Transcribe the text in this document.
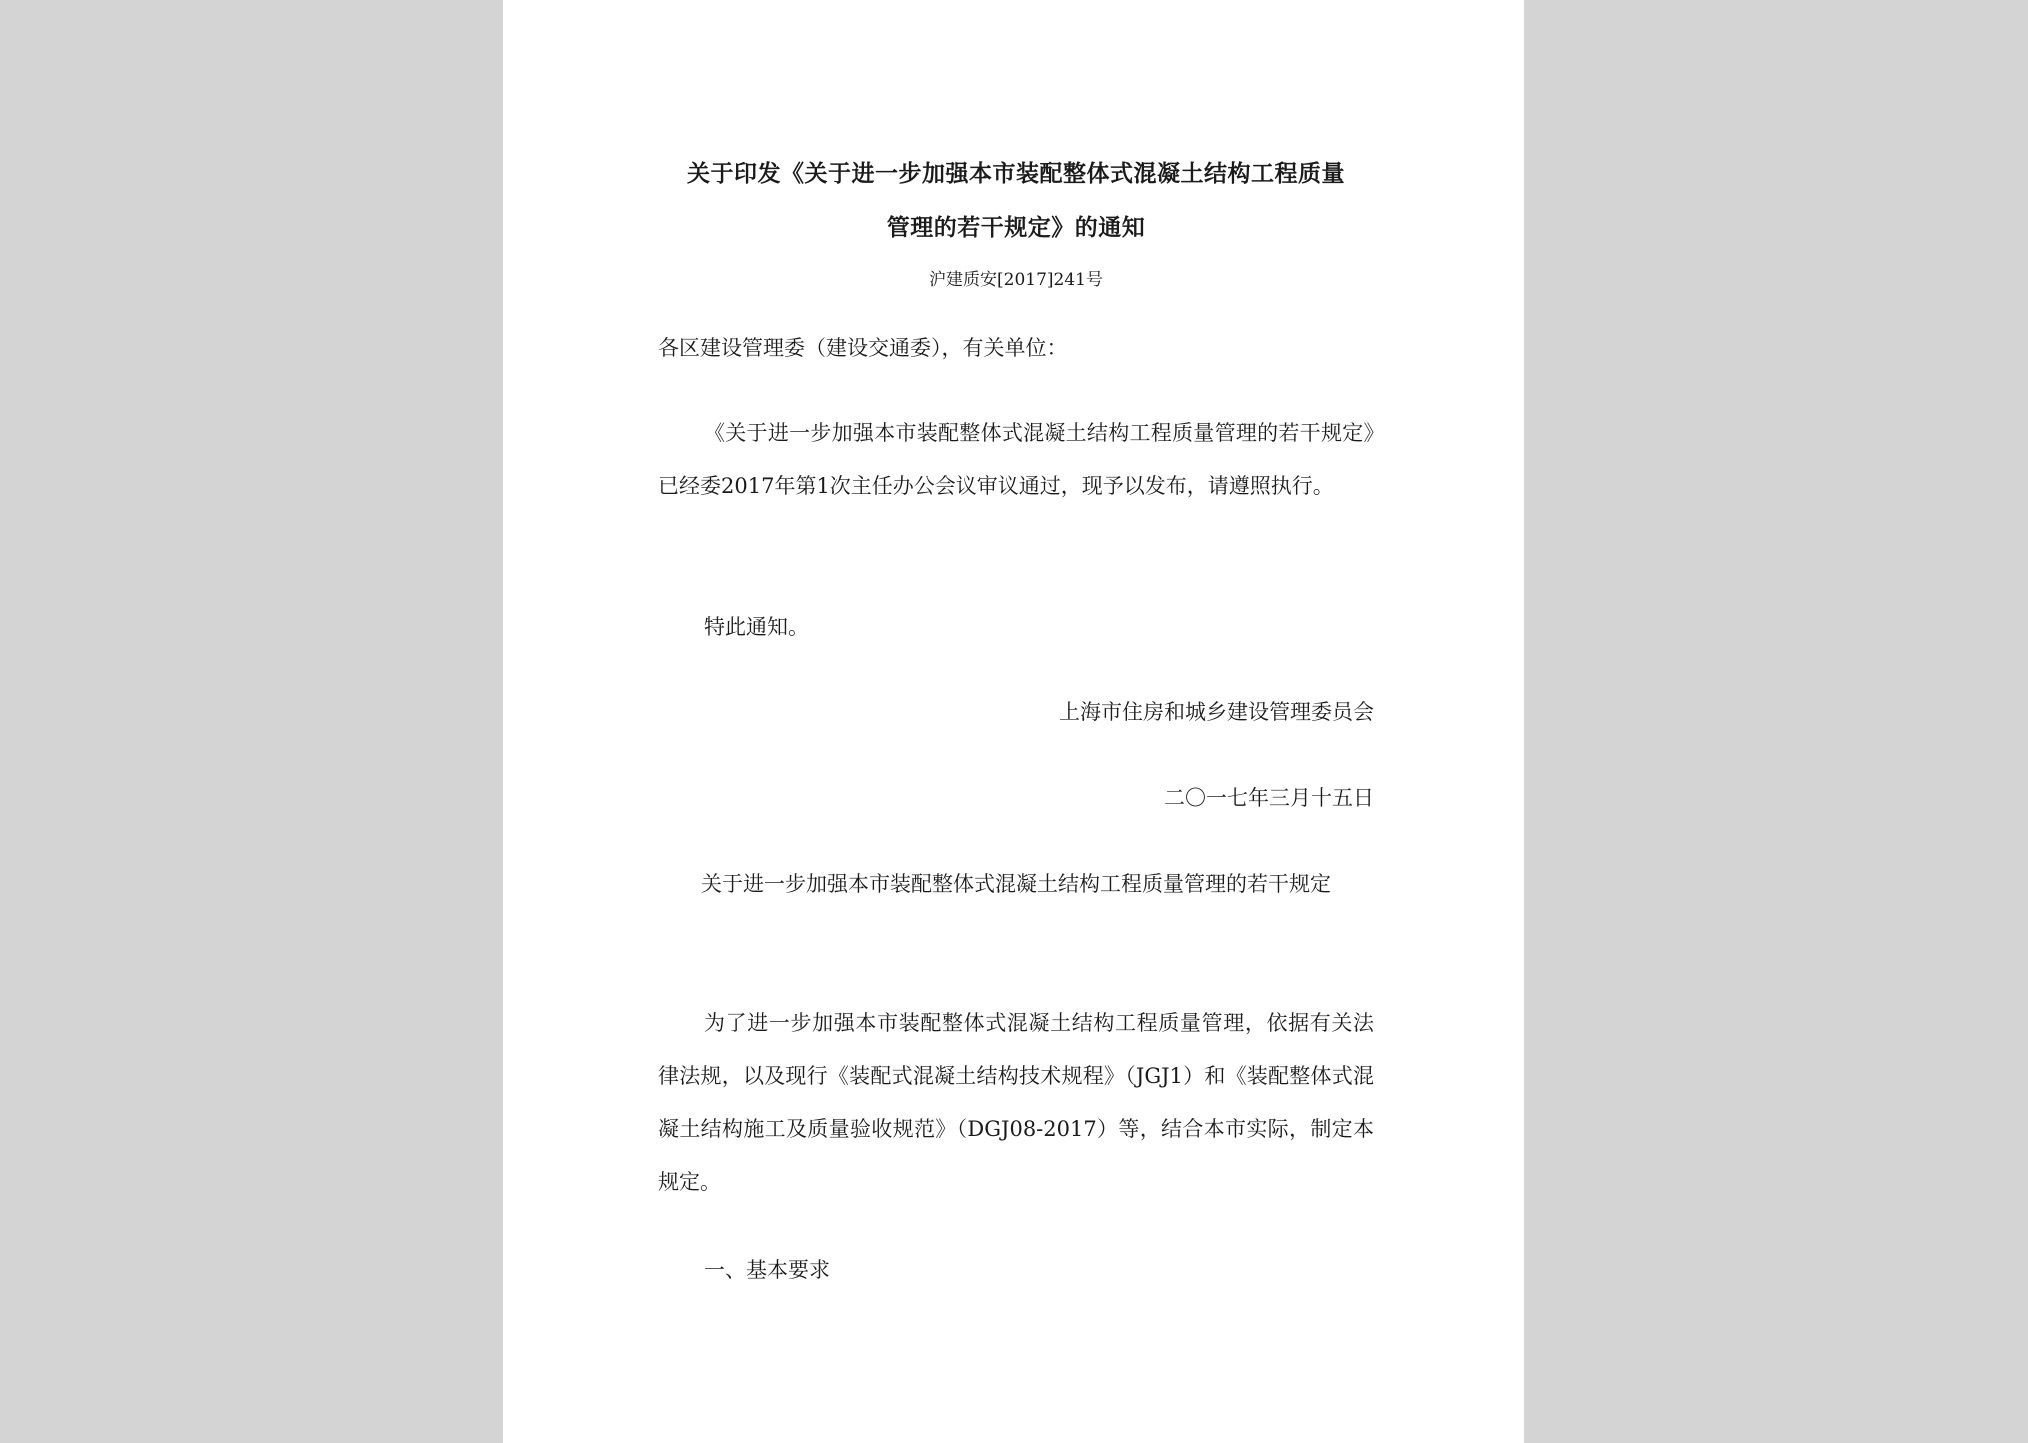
关于印发《关于进一步加强本市装配整体式混凝土结构工程质量
管理的若干规定》的通知
沪建质安[2017]241号
各区建设管理委（建设交通委），有关单位：
《关于进一步加强本市装配整体式混凝土结构工程质量管理的若干规定》已经委2017年第1次主任办公会议审议通过，现予以发布，请遵照执行。
特此通知。
上海市住房和城乡建设管理委员会
二〇一七年三月十五日
关于进一步加强本市装配整体式混凝土结构工程质量管理的若干规定
为了进一步加强本市装配整体式混凝土结构工程质量管理，依据有关法律法规，以及现行《装配式混凝土结构技术规程》（JGJ1）和《装配整体式混凝土结构施工及质量验收规范》（DGJ08-2017）等，结合本市实际，制定本规定。
一、基本要求
